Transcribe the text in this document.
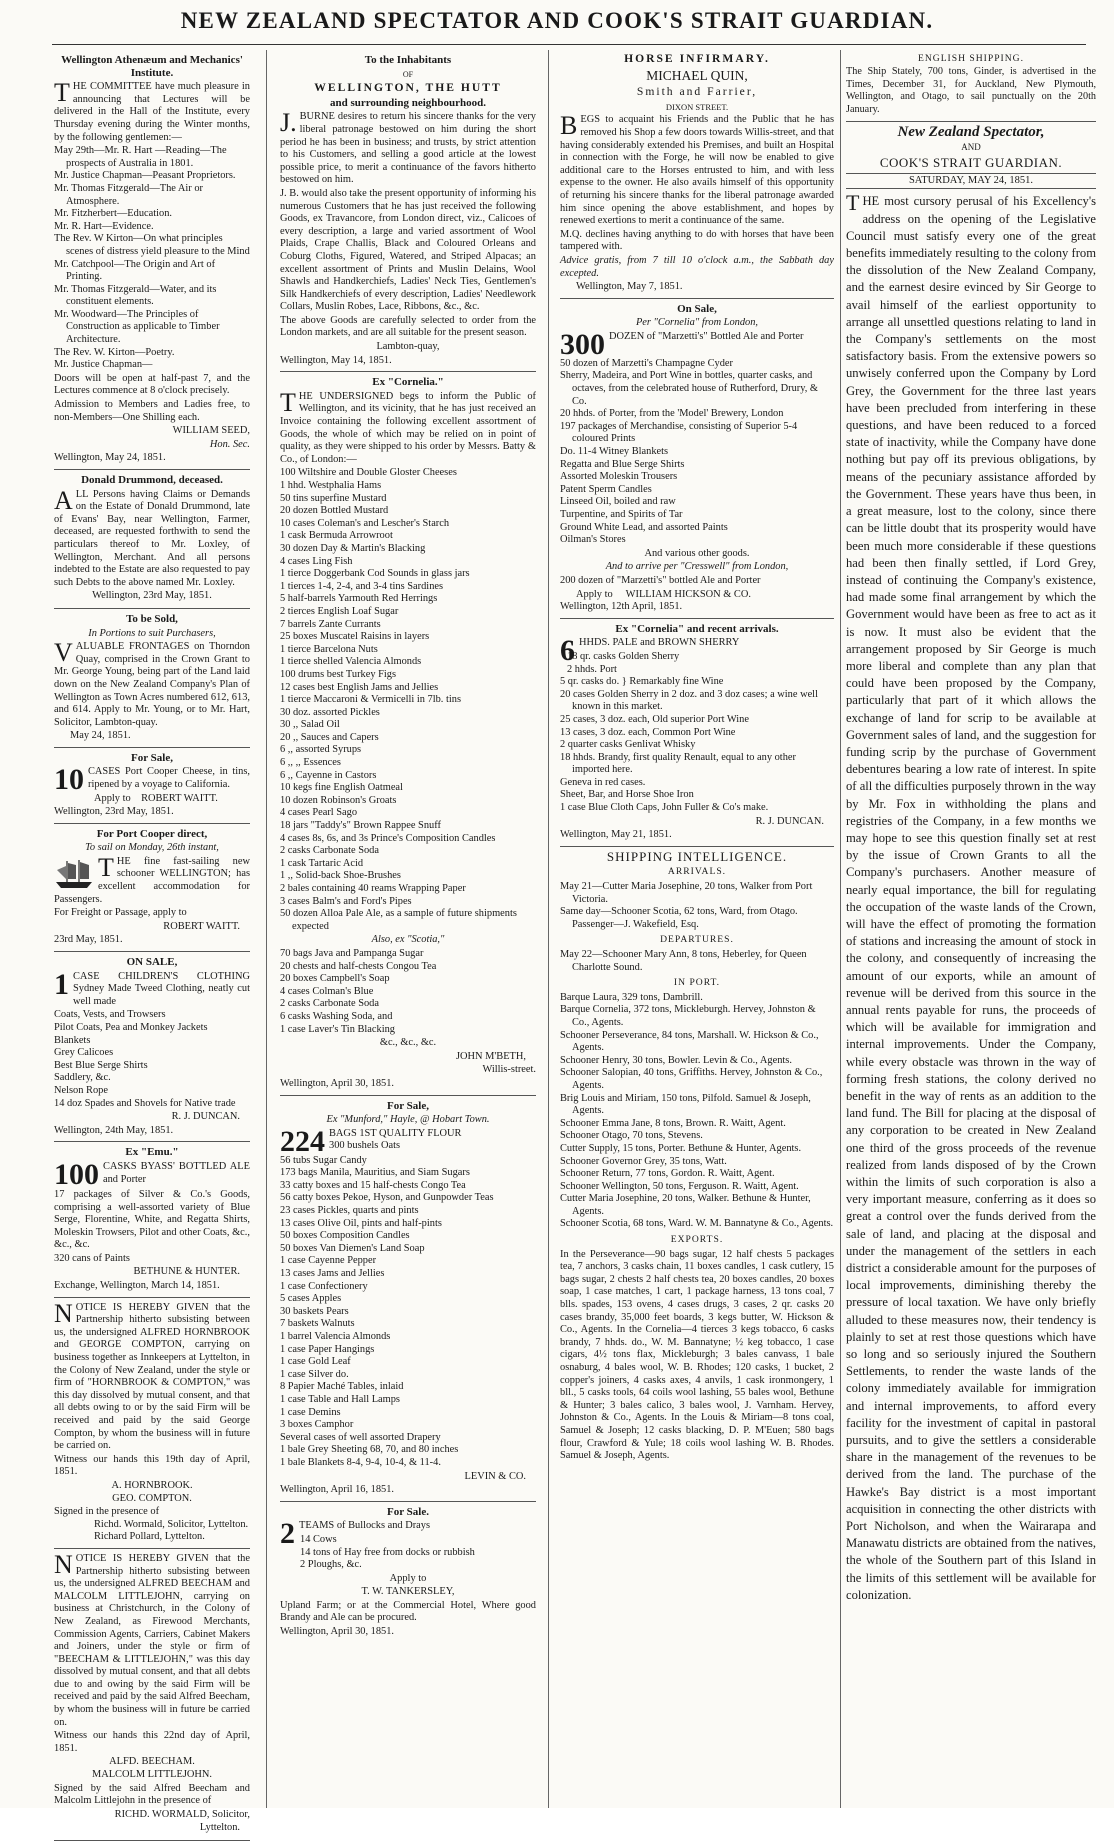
NEW ZEALAND SPECTATOR AND COOK'S STRAIT GUARDIAN.
Wellington Athenæum and Mechanics' Institute.

THE COMMITTEE have much pleasure in announcing that Lectures will be delivered in the Hall of the Institute, every Thursday evening during the Winter months, by the following gentlemen:—

May 29th—Mr. R. Hart —Reading—The prospects of Australia in 1801.
Mr. Justice Chapman—Peasant Proprietors.
Mr. Thomas Fitzgerald—The Air or Atmosphere.
Mr. Fitzherbert—Education.
Mr. R. Hart—Evidence.
The Rev. W Kirton—On what principles scenes of distress yield pleasure to the Mind
Mr. Catchpool—The Origin and Art of Printing.
Mr. Thomas Fitzgerald—Water, and its constituent elements.
Mr. Woodward—The Principles of Construction as applicable to Timber Architecture.
The Rev. W. Kirton—Poetry.
Mr. Justice Chapman—

Doors will be open at half-past 7, and the Lectures commence at 8 o'clock precisely.

Admission to Members and Ladies free, to non-Members—One Shilling each.

WILLIAM SEED,
Hon. Sec.
Wellington, May 24, 1851.
Donald Drummond, deceased.

ALL Persons having Claims or Demands on the Estate of Donald Drummond, late of Evans' Bay, near Wellington, Farmer, deceased, are requested forthwith to send the particulars thereof to Mr. Loxley, of Wellington, Merchant. And all persons indebted to the Estate are also requested to pay such Debts to the above named Mr. Loxley.

Wellington, 23rd May, 1851.
To be Sold,
In Portions to suit Purchasers,

VALUABLE FRONTAGES on Thorndon Quay, comprised in the Crown Grant to Mr. George Young, being part of the Land laid down on the New Zealand Company's Plan of Wellington as Town Acres numbered 612, 613, and 614. Apply to Mr. Young, or to Mr. Hart, Solicitor, Lambton-quay.

May 24, 1851.
For Sale,

10 CASES Port Cooper Cheese, in tins, ripened by a voyage to California.

Apply to ROBERT WAITT.
Wellington, 23rd May, 1851.
For Port Cooper direct,
To sail on Monday, 26th instant,

THE fine fast-sailing new schooner WELLINGTON; has excellent accommodation for Passengers.

For Freight or Passage, apply to
ROBERT WAITT.
23rd May, 1851.
ON SALE,

1 CASE CHILDREN'S CLOTHING Sydney Made Tweed Clothing, neatly cut well made

Coats, Vests, and Trowsers
Pilot Coats, Pea and Monkey Jackets
Blankets
Grey Calicoes
Best Blue Serge Shirts
Saddlery, &c.
Nelson Rope
14 doz Spades and Shovels for Native trade
R. J. DUNCAN.
Wellington, 24th May, 1851.
Ex "Emu."

100 CASKS BYASS' BOTTLED ALE and Porter

17 packages of Silver & Co.'s Goods, comprising a well-assorted variety of Blue Serge, Florentine, White, and Regatta Shirts, Moleskin Trowsers, Pilot and other Coats, &c., &c., &c.

320 cans of Paints

BETHUNE & HUNTER.
Exchange, Wellington, March 14, 1851.

NOTICE IS HEREBY GIVEN that the Partnership hitherto subsisting between us, the undersigned ALFRED HORNBROOK and GEORGE COMPTON, carrying on business together as Innkeepers at Lyttelton, in the Colony of New Zealand, under the style or firm of "HORNBROOK & COMPTON," was this day dissolved by mutual consent, and that all debts owing to or by the said Firm will be received and paid by the said George Compton, by whom the business will in future be carried on.

Witness our hands this 19th day of April, 1851.

A. HORNBROOK.
GEO. COMPTON.
Signed in the presence of
Richd. Wormald, Solicitor, Lyttelton.
Richard Pollard, Lyttelton.

NOTICE IS HEREBY GIVEN that the Partnership hitherto subsisting between us, the undersigned ALFRED BEECHAM and MALCOLM LITTLEJOHN, carrying on business at Christchurch, in the Colony of New Zealand, as Firewood Merchants, Commission Agents, Carriers, Cabinet Makers and Joiners, under the style or firm of "BEECHAM & LITTLEJOHN," was this day dissolved by mutual consent, and that all debts due to and owing by the said Firm will be received and paid by the said Alfred Beecham, by whom the business will in future be carried on.

Witness our hands this 22nd day of April, 1851.

ALFD. BEECHAM.
MALCOLM LITTLEJOHN.

Signed by the said Alfred Beecham and Malcolm Littlejohn in the presence of

RICHD. WORMALD, Solicitor,
Lyttelton.
To the Inhabitants
OF
WELLINGTON, THE HUTT
and surrounding neighbourhood.

J. BURNE desires to return his sincere thanks for the very liberal patronage bestowed on him during the short period he has been in business; and trusts, by strict attention to his Customers, and selling a good article at the lowest possible price, to merit a continuance of the favors hitherto bestowed on him.

J. B. would also take the present opportunity of informing his numerous Customers that he has just received the following Goods, ex Travancore, from London direct, viz., Calicoes of every description, a large and varied assortment of Wool Plaids, Crape Challis, Black and Coloured Orleans and Coburg Cloths, Figured, Watered, and Striped Alpacas; an excellent assortment of Prints and Muslin Delains, Wool Shawls and Handkerchiefs, Ladies' Neck Ties, Gentlemen's Silk Handkerchiefs of every description, Ladies' Needlework Collars, Muslin Robes, Lace, Ribbons, &c., &c.

The above Goods are carefully selected to order from the London markets, and are all suitable for the present season.

Lambton-quay,
Wellington, May 14, 1851.
Ex "Cornelia."

THE UNDERSIGNED begs to inform the Public of Wellington, and its vicinity, that he has just received an Invoice containing the following excellent assortment of Goods, the whole of which may be relied on in point of quality, as they were shipped to his order by Messrs. Batty & Co., of London:—

100 Wiltshire and Double Gloster Cheeses
1 hhd. Westphalia Hams
50 tins superfine Mustard
20 dozen Bottled Mustard
10 cases Coleman's and Lescher's Starch
1 cask Bermuda Arrowroot
30 dozen Day & Martin's Blacking
4 cases Ling Fish
1 tierce Doggerbank Cod Sounds in glass jars
1 tierces 1-4, 2-4, and 3-4 tins Sardines
5 half-barrels Yarmouth Red Herrings
2 tierces English Loaf Sugar
7 barrels Zante Currants
25 boxes Muscatel Raisins in layers
1 tierce Barcelona Nuts
1 tierce shelled Valencia Almonds
100 drums best Turkey Figs
12 cases best English Jams and Jellies
1 tierce Maccaroni & Vermicelli in 7lb. tins
30 doz. assorted Pickles
30 ,, Salad Oil
20 ,, Sauces and Capers
6 ,, assorted Syrups
6 ,, ,, Essences
6 ,, Cayenne in Castors
10 kegs fine English Oatmeal
10 dozen Robinson's Groats
4 cases Pearl Sago
18 jars "Taddy's" Brown Rappee Snuff
4 cases 8s, 6s, and 3s Prince's Composition Candles
2 casks Carbonate Soda
1 cask Tartaric Acid
1 ,, Solid-back Shoe-Brushes
2 bales containing 40 reams Wrapping Paper
3 cases Balm's and Ford's Pipes
50 dozen Alloa Pale Ale, as a sample of future shipments expected
Also, ex "Scotia,"
70 bags Java and Pampanga Sugar
20 chests and half-chests Congou Tea
20 boxes Campbell's Soap
4 cases Colman's Blue
2 casks Carbonate Soda
6 casks Washing Soda, and
1 case Laver's Tin Blacking
&c., &c., &c.
JOHN M'BETH,
Willis-street.
Wellington, April 30, 1851.
For Sale,
Ex "Munford," Hayle, @ Hobart Town.

224 BAGS 1ST QUALITY FLOUR
300 bushels Oats

56 tubs Sugar Candy
173 bags Manila, Mauritius, and Siam Sugars
33 catty boxes and 15 half-chests Congo Tea
56 catty boxes Pekoe, Hyson, and Gunpowder Teas
23 cases Pickles, quarts and pints
13 cases Olive Oil, pints and half-pints
50 boxes Composition Candles
50 boxes Van Diemen's Land Soap
1 case Cayenne Pepper
13 cases Jams and Jellies
1 case Confectionery
5 cases Apples
30 baskets Pears
7 baskets Walnuts
1 barrel Valencia Almonds
1 case Paper Hangings
1 case Gold Leaf
1 case Silver do.
8 Papier Maché Tables, inlaid
1 case Table and Hall Lamps
1 case Demins
3 boxes Camphor
Several cases of well assorted Drapery
1 bale Grey Sheeting 68, 70, and 80 inches
1 bale Blankets 8-4, 9-4, 10-4, & 11-4.
LEVIN & CO.
Wellington, April 16, 1851.
For Sale.

2 TEAMS of Bullocks and Drays

14 Cows
14 tons of Hay free from docks or rubbish
2 Ploughs, &c.
Apply to
T. W. TANKERSLEY,

Upland Farm; or at the Commercial Hotel, Where good Brandy and Ale can be procured.

Wellington, April 30, 1851.
HORSE INFIRMARY.
MICHAEL QUIN,
Smith and Farrier,
DIXON STREET.

BEGS to acquaint his Friends and the Public that he has removed his Shop a few doors towards Willis-street, and that having considerably extended his Premises, and built an Hospital in connection with the Forge, he will now be enabled to give additional care to the Horses entrusted to him, and with less expense to the owner. He also avails himself of this opportunity of returning his sincere thanks for the liberal patronage awarded him since opening the above establishment, and hopes by renewed exertions to merit a continuance of the same.

M.Q. declines having anything to do with horses that have been tampered with.

Advice gratis, from 7 till 10 o'clock a.m., the Sabbath day excepted.

Wellington, May 7, 1851.
On Sale,
Per "Cornelia" from London,

300 DOZEN of "Marzetti's" Bottled Ale and Porter

50 dozen of Marzetti's Champagne Cyder
Sherry, Madeira, and Port Wine in bottles, quarter casks, and octaves, from the celebrated house of Rutherford, Drury, & Co.
20 hhds. of Porter, from the 'Model' Brewery, London
197 packages of Merchandise, consisting of Superior 5-4 coloured Prints
Do. 11-4 Witney Blankets
Regatta and Blue Serge Shirts
Assorted Moleskin Trousers
Patent Sperm Candles
Linseed Oil, boiled and raw
Turpentine, and Spirits of Tar
Ground White Lead, and assorted Paints
Oilman's Stores
And various other goods.
And to arrive per "Cresswell" from London,

200 dozen of "Marzetti's" bottled Ale and Porter

Apply to WILLIAM HICKSON & CO.
Wellington, 12th April, 1851.
Ex "Cornelia" and recent arrivals.

6 HHDS. PALE and BROWN SHERRY

18 qr. casks Golden Sherry
2 hhds. Port
5 qr. casks do. } Remarkably fine Wine
20 cases Golden Sherry in 2 doz. and 3 doz cases; a wine well known in this market.
25 cases, 3 doz. each, Old superior Port Wine
13 cases, 3 doz. each, Common Port Wine
2 quarter casks Genlivat Whisky
18 hhds. Brandy, first quality Renault, equal to any other imported here.
Geneva in red cases.
Sheet, Bar, and Horse Shoe Iron
1 case Blue Cloth Caps, John Fuller & Co's make.
R. J. DUNCAN.
Wellington, May 21, 1851.
SHIPPING INTELLIGENCE.
ARRIVALS.
May 21—Cutter Maria Josephine, 20 tons, Walker from Port Victoria.
Same day—Schooner Scotia, 62 tons, Ward, from Otago. Passenger—J. Wakefield, Esq.
DEPARTURES.
May 22—Schooner Mary Ann, 8 tons, Heberley, for Queen Charlotte Sound.
IN PORT.
Barque Laura, 329 tons, Dambrill.
Barque Cornelia, 372 tons, Mickleburgh. Hervey, Johnston & Co., Agents.
Schooner Perseverance, 84 tons, Marshall. W. Hickson & Co., Agents.
Schooner Henry, 30 tons, Bowler. Levin & Co., Agents.
Schooner Salopian, 40 tons, Griffiths. Hervey, Johnston & Co., Agents.
Brig Louis and Miriam, 150 tons, Pilfold. Samuel & Joseph, Agents.
Schooner Emma Jane, 8 tons, Brown. R. Waitt, Agent.
Schooner Otago, 70 tons, Stevens.
Cutter Supply, 15 tons, Porter. Bethune & Hunter, Agents.
Schooner Governor Grey, 35 tons, Watt.
Schooner Return, 77 tons, Gordon. R. Waitt, Agent.
Schooner Wellington, 50 tons, Ferguson. R. Waitt, Agent.
Cutter Maria Josephine, 20 tons, Walker. Bethune & Hunter, Agents.
Schooner Scotia, 68 tons, Ward. W. M. Bannatyne & Co., Agents.
EXPORTS.

In the Perseverance—90 bags sugar, 12 half chests 5 packages tea, 7 anchors, 3 casks chain, 11 boxes candles, 1 cask cutlery, 15 bags sugar, 2 chests 2 half chests tea, 20 boxes candles, 20 boxes soap, 1 case matches, 1 cart, 1 package harness, 13 tons coal, 7 blls. spades, 153 ovens, 4 cases drugs, 3 cases, 2 qr. casks 20 cases brandy, 35,000 feet boards, 3 kegs butter, W. Hickson & Co., Agents. In the Cornelia—4 tierces 3 kegs tobacco, 6 casks brandy, 7 hhds. do., W. M. Bannatyne; ½ keg tobacco, 1 case cigars, 4½ tons flax, Mickleburgh; 3 bales canvass, 1 bale osnaburg, 4 bales wool, W. B. Rhodes; 120 casks, 1 bucket, 2 copper's joiners, 4 casks axes, 4 anvils, 1 cask ironmongery, 1 bll., 5 casks tools, 64 coils wool lashing, 55 bales wool, Bethune & Hunter; 3 bales calico, 3 bales wool, J. Varnham. Hervey, Johnston & Co., Agents. In the Louis & Miriam—8 tons coal, Samuel & Joseph; 12 casks blacking, D. P. M'Euen; 580 bags flour, Crawford & Yule; 18 coils wool lashing W. B. Rhodes. Samuel & Joseph, Agents.

ENGLISH SHIPPING.

The Ship Stately, 700 tons, Ginder, is advertised in the Times, December 31, for Auckland, New Plymouth, Wellington, and Otago, to sail punctually on the 20th January.

New Zealand Spectator,
AND
COOK'S STRAIT GUARDIAN.
SATURDAY, MAY 24, 1851.

THE most cursory perusal of his Excellency's address on the opening of the Legislative Council must satisfy every one of the great benefits immediately resulting to the colony from the dissolution of the New Zealand Company, and the earnest desire evinced by Sir George to avail himself of the earliest opportunity to arrange all unsettled questions relating to land in the Company's settlements on the most satisfactory basis. From the extensive powers so unwisely conferred upon the Company by Lord Grey, the Government for the three last years have been precluded from interfering in these questions, and have been reduced to a forced state of inactivity, while the Company have done nothing but pay off its previous obligations, by means of the pecuniary assistance afforded by the Government. These years have thus been, in a great measure, lost to the colony, since there can be little doubt that its prosperity would have been much more considerable if these questions had been then finally settled, if Lord Grey, instead of continuing the Company's existence, had made some final arrangement by which the Government would have been as free to act as it is now. It must also be evident that the arrangement proposed by Sir George is much more liberal and complete than any plan that could have been proposed by the Company, particularly that part of it which allows the exchange of land for scrip to be available at Government sales of land, and the suggestion for funding scrip by the purchase of Government debentures bearing a low rate of interest. In spite of all the difficulties purposely thrown in the way by Mr. Fox in withholding the plans and registries of the Company, in a few months we may hope to see this question finally set at rest by the issue of Crown Grants to all the Company's purchasers. Another measure of nearly equal importance, the bill for regulating the occupation of the waste lands of the Crown, will have the effect of promoting the formation of stations and increasing the amount of stock in the colony, and consequently of increasing the amount of our exports, while an amount of revenue will be derived from this source in the annual rents payable for runs, the proceeds of which will be available for immigration and internal improvements. Under the Company, while every obstacle was thrown in the way of forming fresh stations, the colony derived no benefit in the way of rents as an addition to the land fund. The Bill for placing at the disposal of any corporation to be created in New Zealand one third of the gross proceeds of the revenue realized from lands disposed of by the Crown within the limits of such corporation is also a very important measure, conferring as it does so great a control over the funds derived from the sale of land, and placing at the disposal and under the management of the settlers in each district a considerable amount for the purposes of local improvements, diminishing thereby the pressure of local taxation. We have only briefly alluded to these measures now, their tendency is plainly to set at rest those questions which have so long and so seriously injured the Southern Settlements, to render the waste lands of the colony immediately available for immigration and internal improvements, to afford every facility for the investment of capital in pastoral pursuits, and to give the settlers a considerable share in the management of the revenues to be derived from the land. The purchase of the Hawke's Bay district is a most important acquisition in connecting the other districts with Port Nicholson, and when the Wairarapa and Manawatu districts are obtained from the natives, the whole of the Southern part of this Island in the limits of this settlement will be available for colonization.
